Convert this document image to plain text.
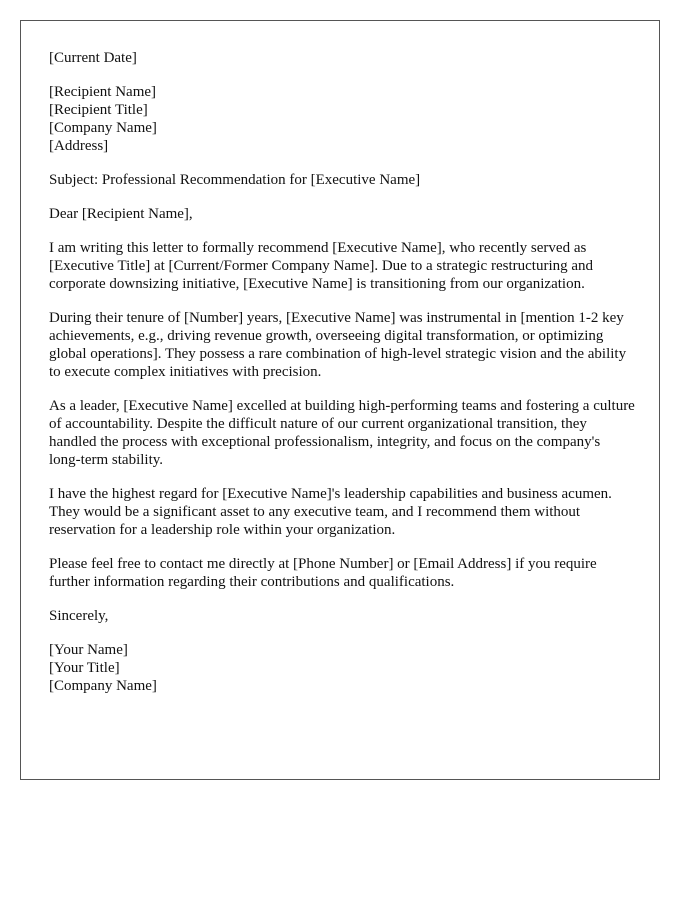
[Current Date]

[Recipient Name]
[Recipient Title]
[Company Name]
[Address]

Subject: Professional Recommendation for [Executive Name]

Dear [Recipient Name],

I am writing this letter to formally recommend [Executive Name], who recently served as [Executive Title] at [Current/Former Company Name]. Due to a strategic restructuring and corporate downsizing initiative, [Executive Name] is transitioning from our organization.

During their tenure of [Number] years, [Executive Name] was instrumental in [mention 1-2 key achievements, e.g., driving revenue growth, overseeing digital transformation, or optimizing global operations]. They possess a rare combination of high-level strategic vision and the ability to execute complex initiatives with precision.

As a leader, [Executive Name] excelled at building high-performing teams and fostering a culture of accountability. Despite the difficult nature of our current organizational transition, they handled the process with exceptional professionalism, integrity, and focus on the company's long-term stability.

I have the highest regard for [Executive Name]'s leadership capabilities and business acumen. They would be a significant asset to any executive team, and I recommend them without reservation for a leadership role within your organization.

Please feel free to contact me directly at [Phone Number] or [Email Address] if you require further information regarding their contributions and qualifications.

Sincerely,

[Your Name]
[Your Title]
[Company Name]
